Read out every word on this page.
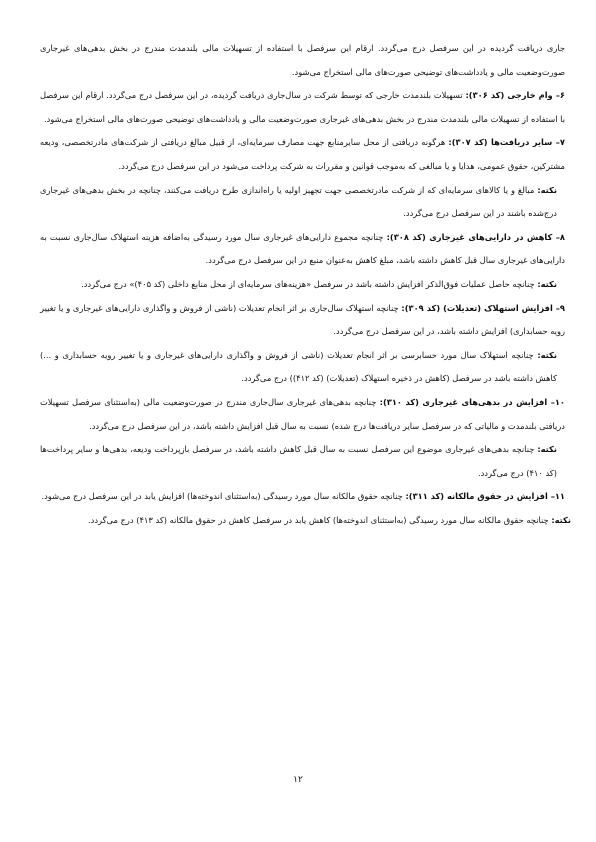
جاری دریافت گردیده در این سرفصل درج می‌گردد. ارقام این سرفصل با استفاده از تسهیلات مالی بلندمدت مندرج در بخش بدهی‌های غیرجاری صورت‌وضعیت مالی و یادداشت‌های توضیحی صورت‌های مالی استخراج می‌شود.

۶– وام خارجی (کد ۳۰۶): تسهیلات بلندمدت خارجی که توسط شرکت در سال‌جاری دریافت گردیده، در این سرفصل درج می‌گردد. ارقام این سرفصل با استفاده از تسهیلات مالی بلندمدت مندرج در بخش بدهی‌های غیرجاری صورت‌وضعیت مالی و یادداشت‌های توضیحی صورت‌های مالی استخراج می‌شود.

۷– سایر دریافت‌ها (کد ۳۰۷): هرگونه دریافتی از محل سایرمنابع جهت مصارف سرمایه‌ای، از قبیل مبالغ دریافتی از شرکت‌های مادرتخصصی، ودیعه مشترکین، حقوق عمومی، هدایا و یا مبالغی که به‌موجب قوانین و مقررات به شرکت پرداخت می‌شود در این سرفصل درج می‌گردد.

نکته: مبالغ و یا کالاهای سرمایه‌ای که از شرکت مادرتخصصی جهت تجهیز اولیه یا راه‌اندازی طرح دریافت می‌کنند، چنانچه در بخش بدهی‌های غیرجاری درج‌شده باشند در این سرفصل درج می‌گردد.

۸– کاهش در دارایی‌های غیرجاری (کد ۳۰۸): چنانچه مجموع دارایی‌های غیرجاری سال مورد رسیدگی به‌اضافه هزینه استهلاک سال‌جاری نسبت به دارایی‌های غیرجاری سال قبل کاهش داشته باشد، مبلغ کاهش به‌عنوان منبع در این سرفصل درج می‌گردد.

نکته: چنانچه حاصل عملیات فوق‌الذکر افزایش داشته باشد در سرفصل «هزینه‌های سرمایه‌ای از محل منابع داخلی (کد ۴۰۵)» درج می‌گردد.

۹– افزایش استهلاک (تعدیلات) (کد ۳۰۹): چنانچه استهلاک سال‌جاری بر اثر انجام تعدیلات (ناشی از فروش و واگذاری دارایی‌های غیرجاری و یا تغییر رویه حسابداری) افزایش داشته باشد، در این سرفصل درج می‌گردد.

نکته: چنانچه استهلاک سال مورد حسابرسی بر اثر انجام تعدیلات (ناشی از فروش و واگذاری دارایی‌های غیرجاری و یا تغییر رویه حسابداری و ...) کاهش داشته باشد در سرفصل (کاهش در ذخیره استهلاک (تعدیلات) (کد ۴۱۲)) درج می‌گردد.

۱۰– افزایش در بدهی‌های غیرجاری (کد ۳۱۰): چنانچه بدهی‌های غیرجاری سال‌جاری مندرج در صورت‌وضعیت مالی (به‌استثنای سرفصل تسهیلات دریافتی بلندمدت و مالیاتی که در سرفصل سایر دریافت‌ها درج شده) نسبت به سال قبل افزایش داشته باشد، در این سرفصل درج می‌گردد.

نکته: چنانچه بدهی‌های غیرجاری موضوع این سرفصل نسبت به سال قبل کاهش داشته باشد، در سرفصل بازپرداخت ودیعه، بدهی‌ها و سایر پرداخت‌ها (کد ۴۱۰) درج می‌گردد.

۱۱– افزایش در حقوق مالکانه (کد ۳۱۱): چنانچه حقوق مالکانه سال مورد رسیدگی (به‌استثنای اندوخته‌ها) افزایش یابد در این سرفصل درج می‌شود.

نکته: چنانچه حقوق مالکانه سال مورد رسیدگی (به‌استثنای اندوخته‌ها) کاهش یابد در سرفصل کاهش در حقوق مالکانه (کد ۴۱۳) درج می‌گردد.

۱۲
